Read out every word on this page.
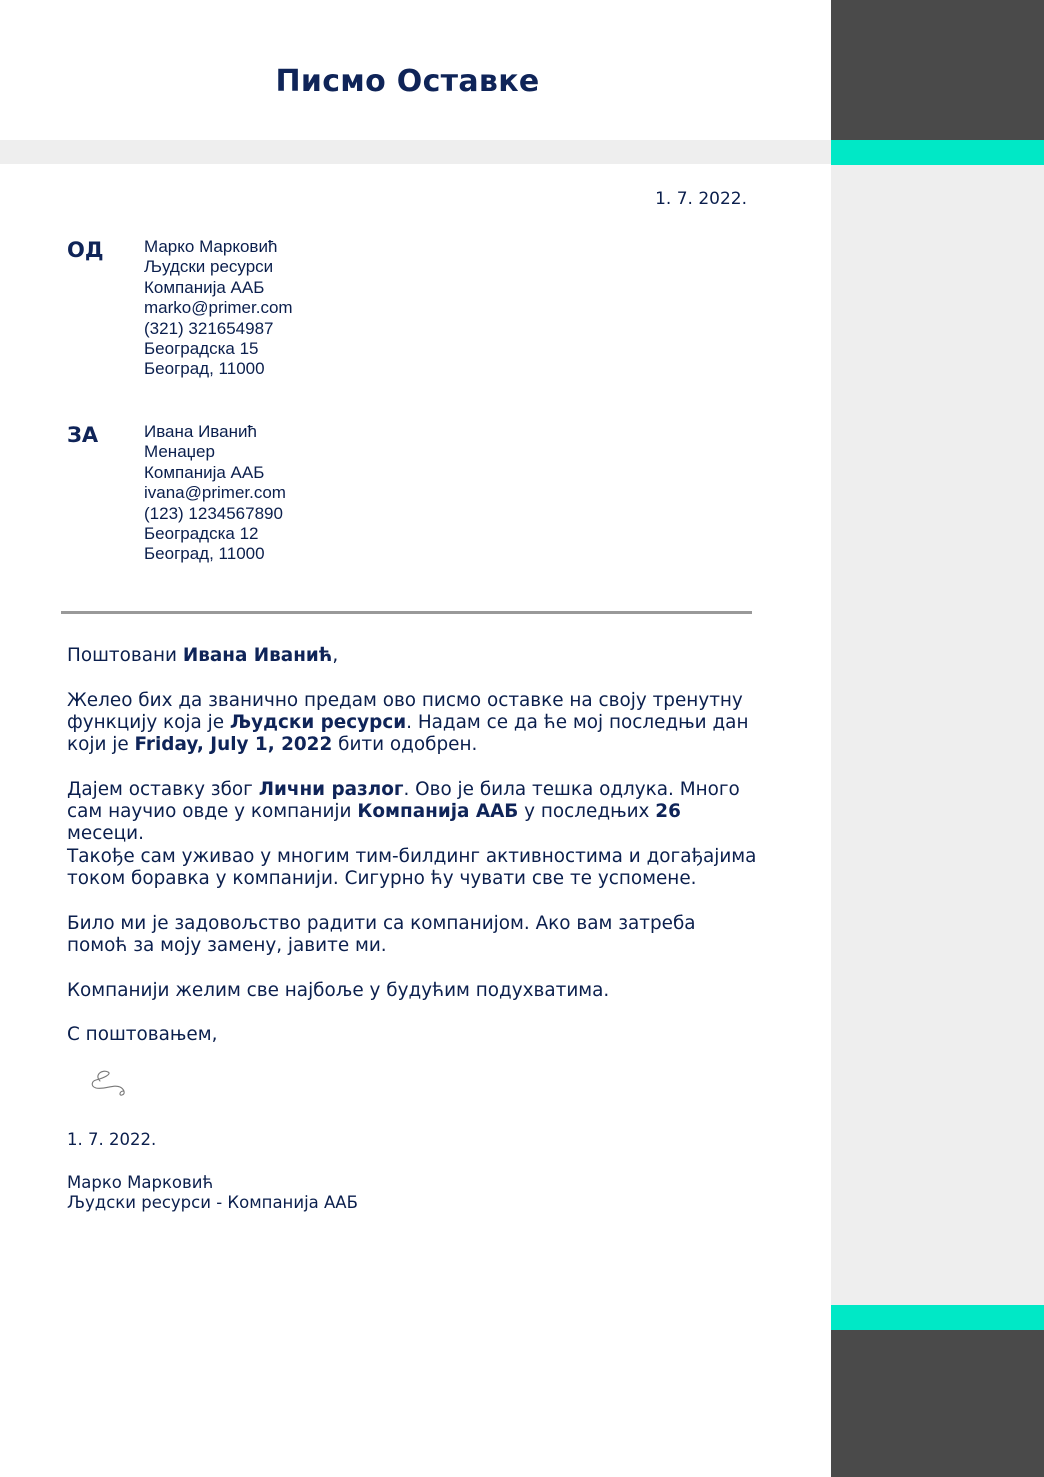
Писмо Оставке
1. 7. 2022.
ОД Марко Марковић
Људски ресурси
Компанија ААБ
marko@primer.com
(321) 321654987
Београдска 15
Београд, 11000
ЗА	Ивана Иванић
Менаџер
Компанија ААБ
ivana@primer.com
(123) 1234567890
Београдска 12
Београд, 11000

Поштовани Ивана Иванић,

Желео бих да званично предам ово писмо оставке на своју тренутну функцију која је Људски ресурси. Надам се да ће мој последњи дан који је Friday, July 1, 2022 бити одобрен.

Дајем оставку због Лични разлог. Ово је била тешка одлука. Много сам научио овде у компанији Компанија ААБ у последњих 26 месеци.

Такође сам уживао у многим тим-билдинг активностима и догађајима током боравка у компанији. Сигурно ћу чувати све те успомене.

Било ми је задовољство радити са компанијом. Ако вам затреба помоћ за моју замену, јавите ми.

Компанији желим све најбоље у будућим подухватима.

С поштовањем,

1. 7. 2022.
Марко Марковић
Људски ресурси - Компанија ААБ
